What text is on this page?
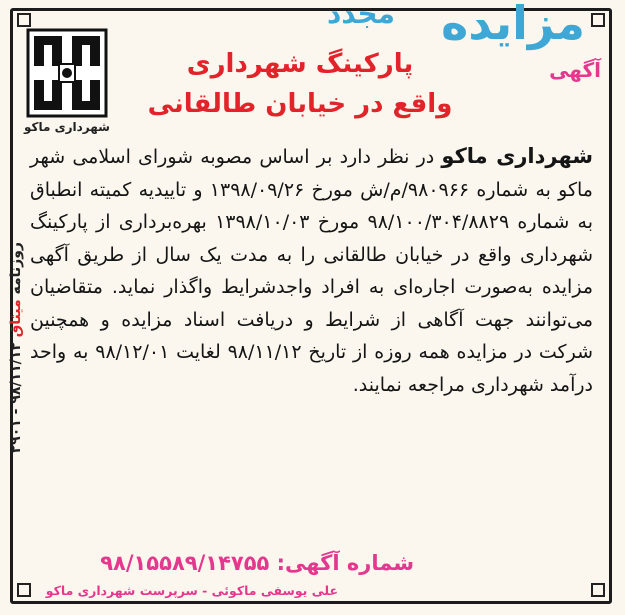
مزایده
مجدد
آگهی
پارکینگ شهرداری
واقع در خیابان طالقانی
شهرداری ماکو
روزنامه میثاق ۹۸/۱۱/۱۲ - ۲۹۰۱
شهرداری ماکو در نظر دارد بر اساس مصوبه شورای اسلامی شهر ماکو به شماره ۹۸۰۹۶۶/م/ش مورخ ۱۳۹۸/۰۹/۲۶ و تاییدیه کمیته انطباق به شماره ۹۸/۱۰۰/۳۰۴/۸۸۲۹ مورخ ۱۳۹۸/۱۰/۰۳ بهره‌برداری از پارکینگ شهرداری واقع در خیابان طالقانی را به مدت یک سال از طریق آگهی مزایده به‌صورت اجاره‌ای به افراد واجدشرایط واگذار نماید. متقاضیان می‌توانند جهت آگاهی از شرایط و دریافت اسناد مزایده و همچنین شرکت در مزایده همه روزه از تاریخ ۹۸/۱۱/۱۲ لغایت ۹۸/۱۲/۰۱ به واحد درآمد شهرداری مراجعه نمایند.
شماره آگهی: ۹۸/۱۵۵۸۹/۱۴۷۵۵
علی یوسفی ماکوئی - سرپرست شهرداری ماکو
